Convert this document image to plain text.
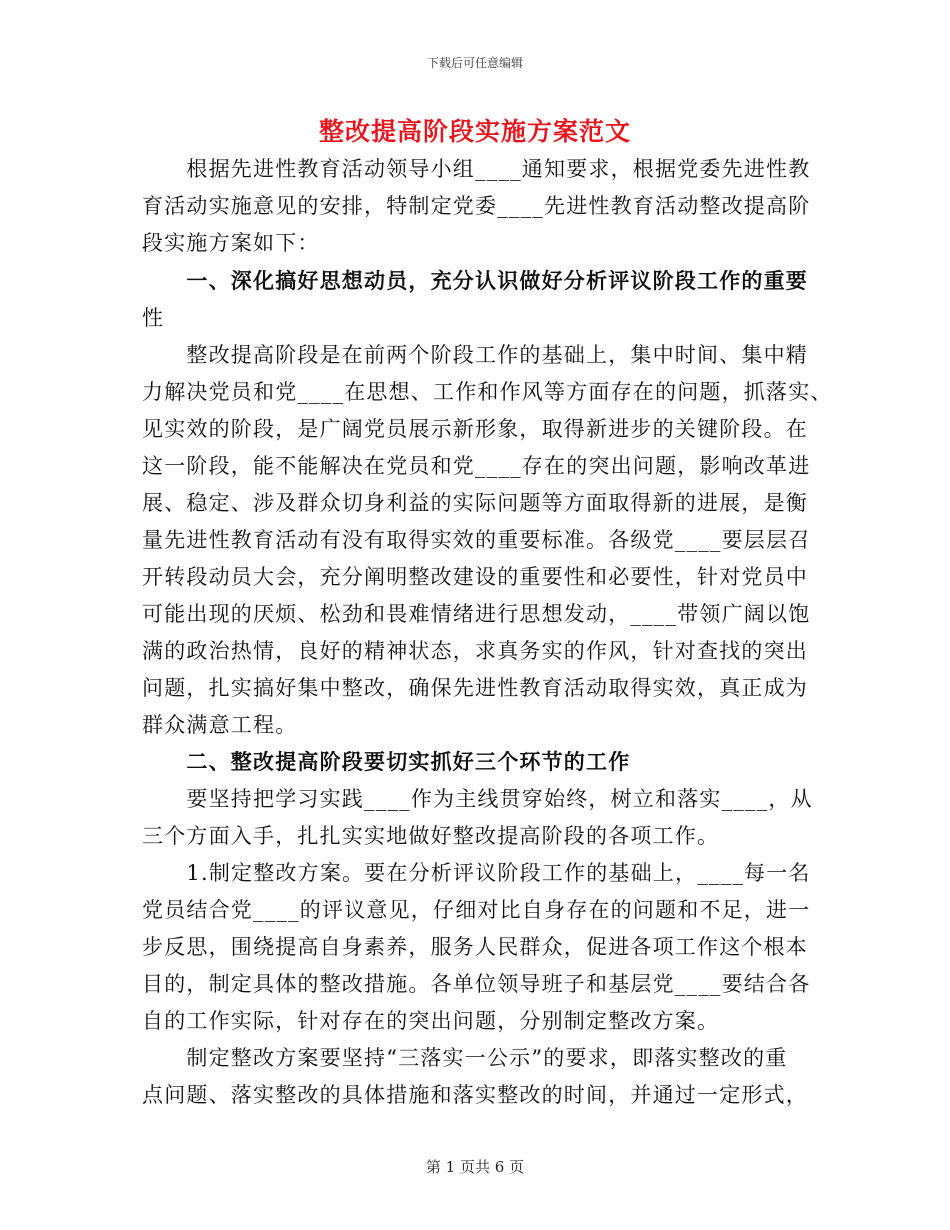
下载后可任意编辑
整改提高阶段实施方案范文
　　根据先进性教育活动领导小组____通知要求，根据党委先进性教
育活动实施意见的安排，特制定党委____先进性教育活动整改提高阶
段实施方案如下：
　　一、深化搞好思想动员，充分认识做好分析评议阶段工作的重要
性
　　整改提高阶段是在前两个阶段工作的基础上，集中时间、集中精
力解决党员和党____在思想、工作和作风等方面存在的问题，抓落实、
见实效的阶段，是广阔党员展示新形象，取得新进步的关键阶段。在
这一阶段，能不能解决在党员和党____存在的突出问题，影响改革进
展、稳定、涉及群众切身利益的实际问题等方面取得新的进展，是衡
量先进性教育活动有没有取得实效的重要标准。各级党____要层层召
开转段动员大会，充分阐明整改建设的重要性和必要性，针对党员中
可能出现的厌烦、松劲和畏难情绪进行思想发动，____带领广阔以饱
满的政治热情，良好的精神状态，求真务实的作风，针对查找的突出
问题，扎实搞好集中整改，确保先进性教育活动取得实效，真正成为
群众满意工程。
　　二、整改提高阶段要切实抓好三个环节的工作
　　要坚持把学习实践____作为主线贯穿始终，树立和落实____，从
三个方面入手，扎扎实实地做好整改提高阶段的各项工作。
　　1.制定整改方案。要在分析评议阶段工作的基础上，____每一名
党员结合党____的评议意见，仔细对比自身存在的问题和不足，进一
步反思，围绕提高自身素养，服务人民群众，促进各项工作这个根本
目的，制定具体的整改措施。各单位领导班子和基层党____要结合各
自的工作实际，针对存在的突出问题，分别制定整改方案。
　　制定整改方案要坚持“三落实一公示”的要求，即落实整改的重
点问题、落实整改的具体措施和落实整改的时间，并通过一定形式，
第 1 页共 6 页
